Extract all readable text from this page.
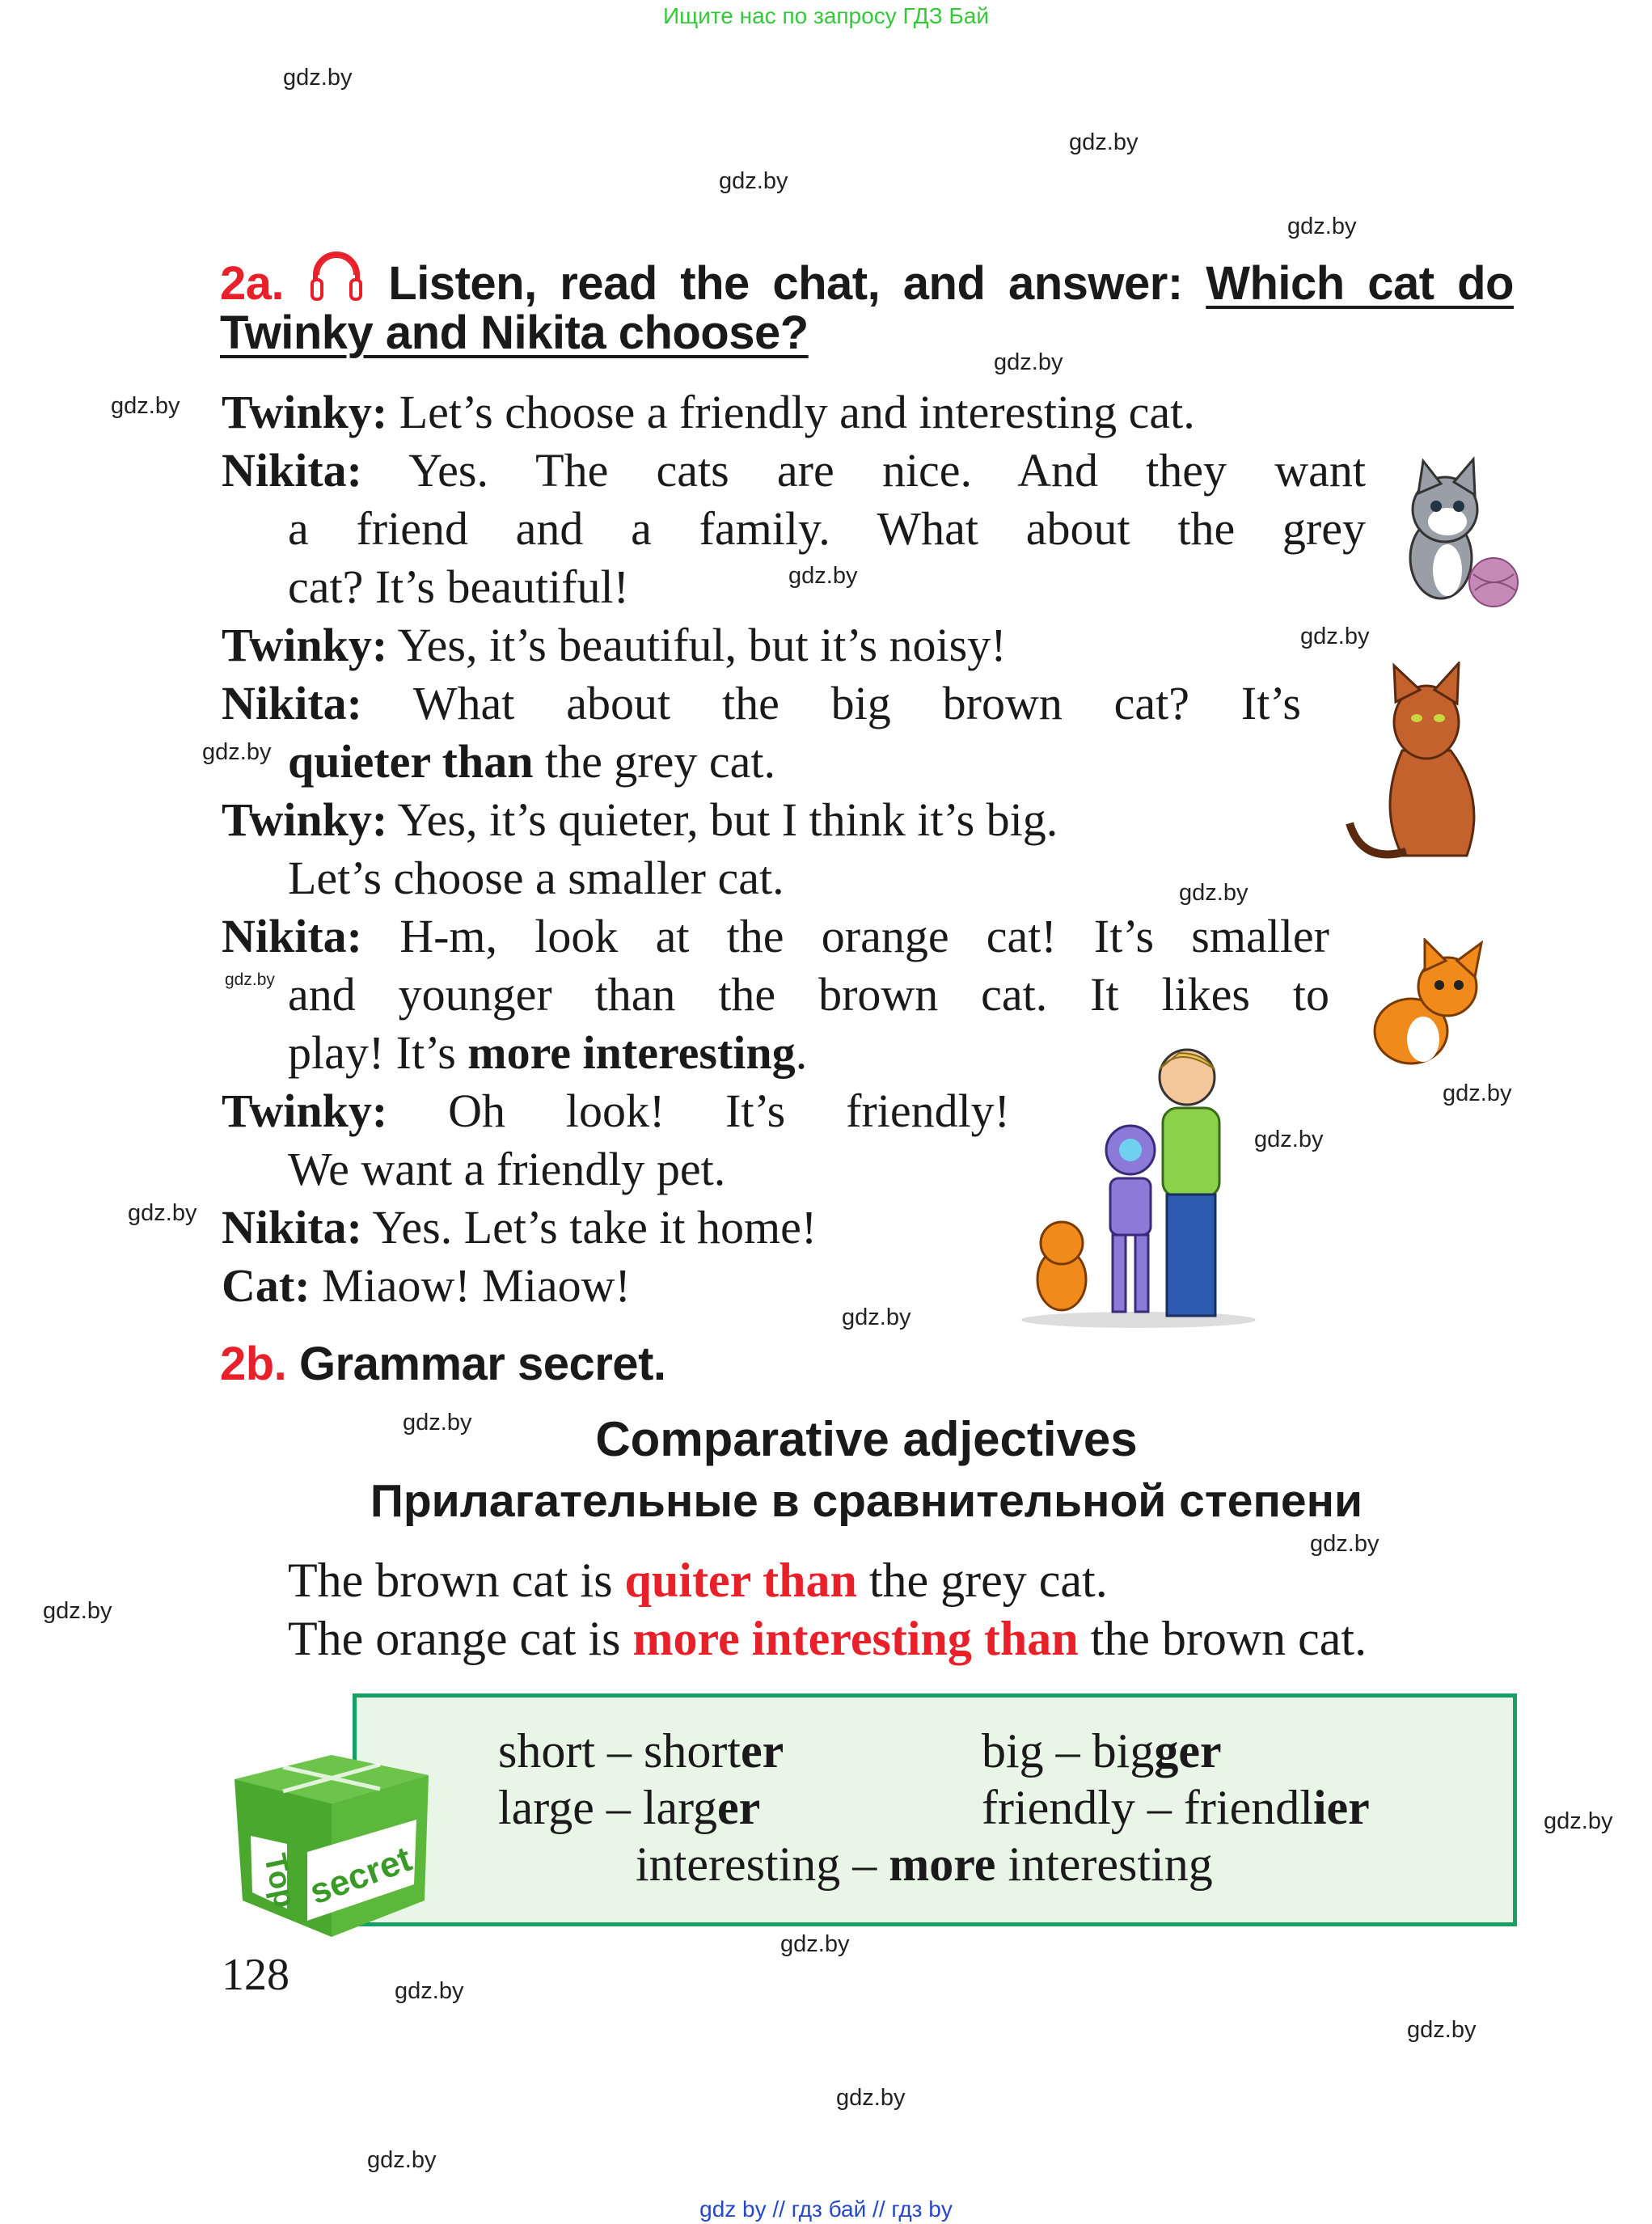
Ищите нас по запросу ГДЗ Бай
gdz.by
gdz.by
gdz.by
gdz.by
gdz.by
gdz.by
gdz.by
gdz.by
gdz.by
gdz.by
gdz.by
gdz.by
gdz.by
gdz.by
gdz.by
gdz.by
gdz.by
gdz.by
gdz.by
gdz.by
gdz.by
gdz.by
gdz.by
gdz.by
2a. Listen, read the chat, and answer: Which cat do
Twinky and Nikita choose?
Twinky: Let’s choose a friendly and interesting cat.
Nikita: Yes. The cats are nice. And they want
a friend and a family. What about the grey
cat? It’s beautiful!
Twinky: Yes, it’s beautiful, but it’s noisy!
Nikita: What about the big brown cat? It’s
quieter than the grey cat.
Twinky: Yes, it’s quieter, but I think it’s big.
Let’s choose a smaller cat.
Nikita: H-m, look at the orange cat! It’s smaller
and younger than the brown cat. It likes to
play! It’s more interesting.
Twinky: Oh look! It’s friendly!
We want a friendly pet.
Nikita: Yes. Let’s take it home!
Cat: Miaow! Miaow!
2b. Grammar secret.
Comparative adjectives
Прилагательные в сравнительной степени
The brown cat is quiter than the grey cat.
The orange cat is more interesting than the brown cat.
short – shorter	big – bigger
large – larger	friendly – friendlier
interesting – more interesting
Top secret
128
gdz by // гдз бай // гдз by
